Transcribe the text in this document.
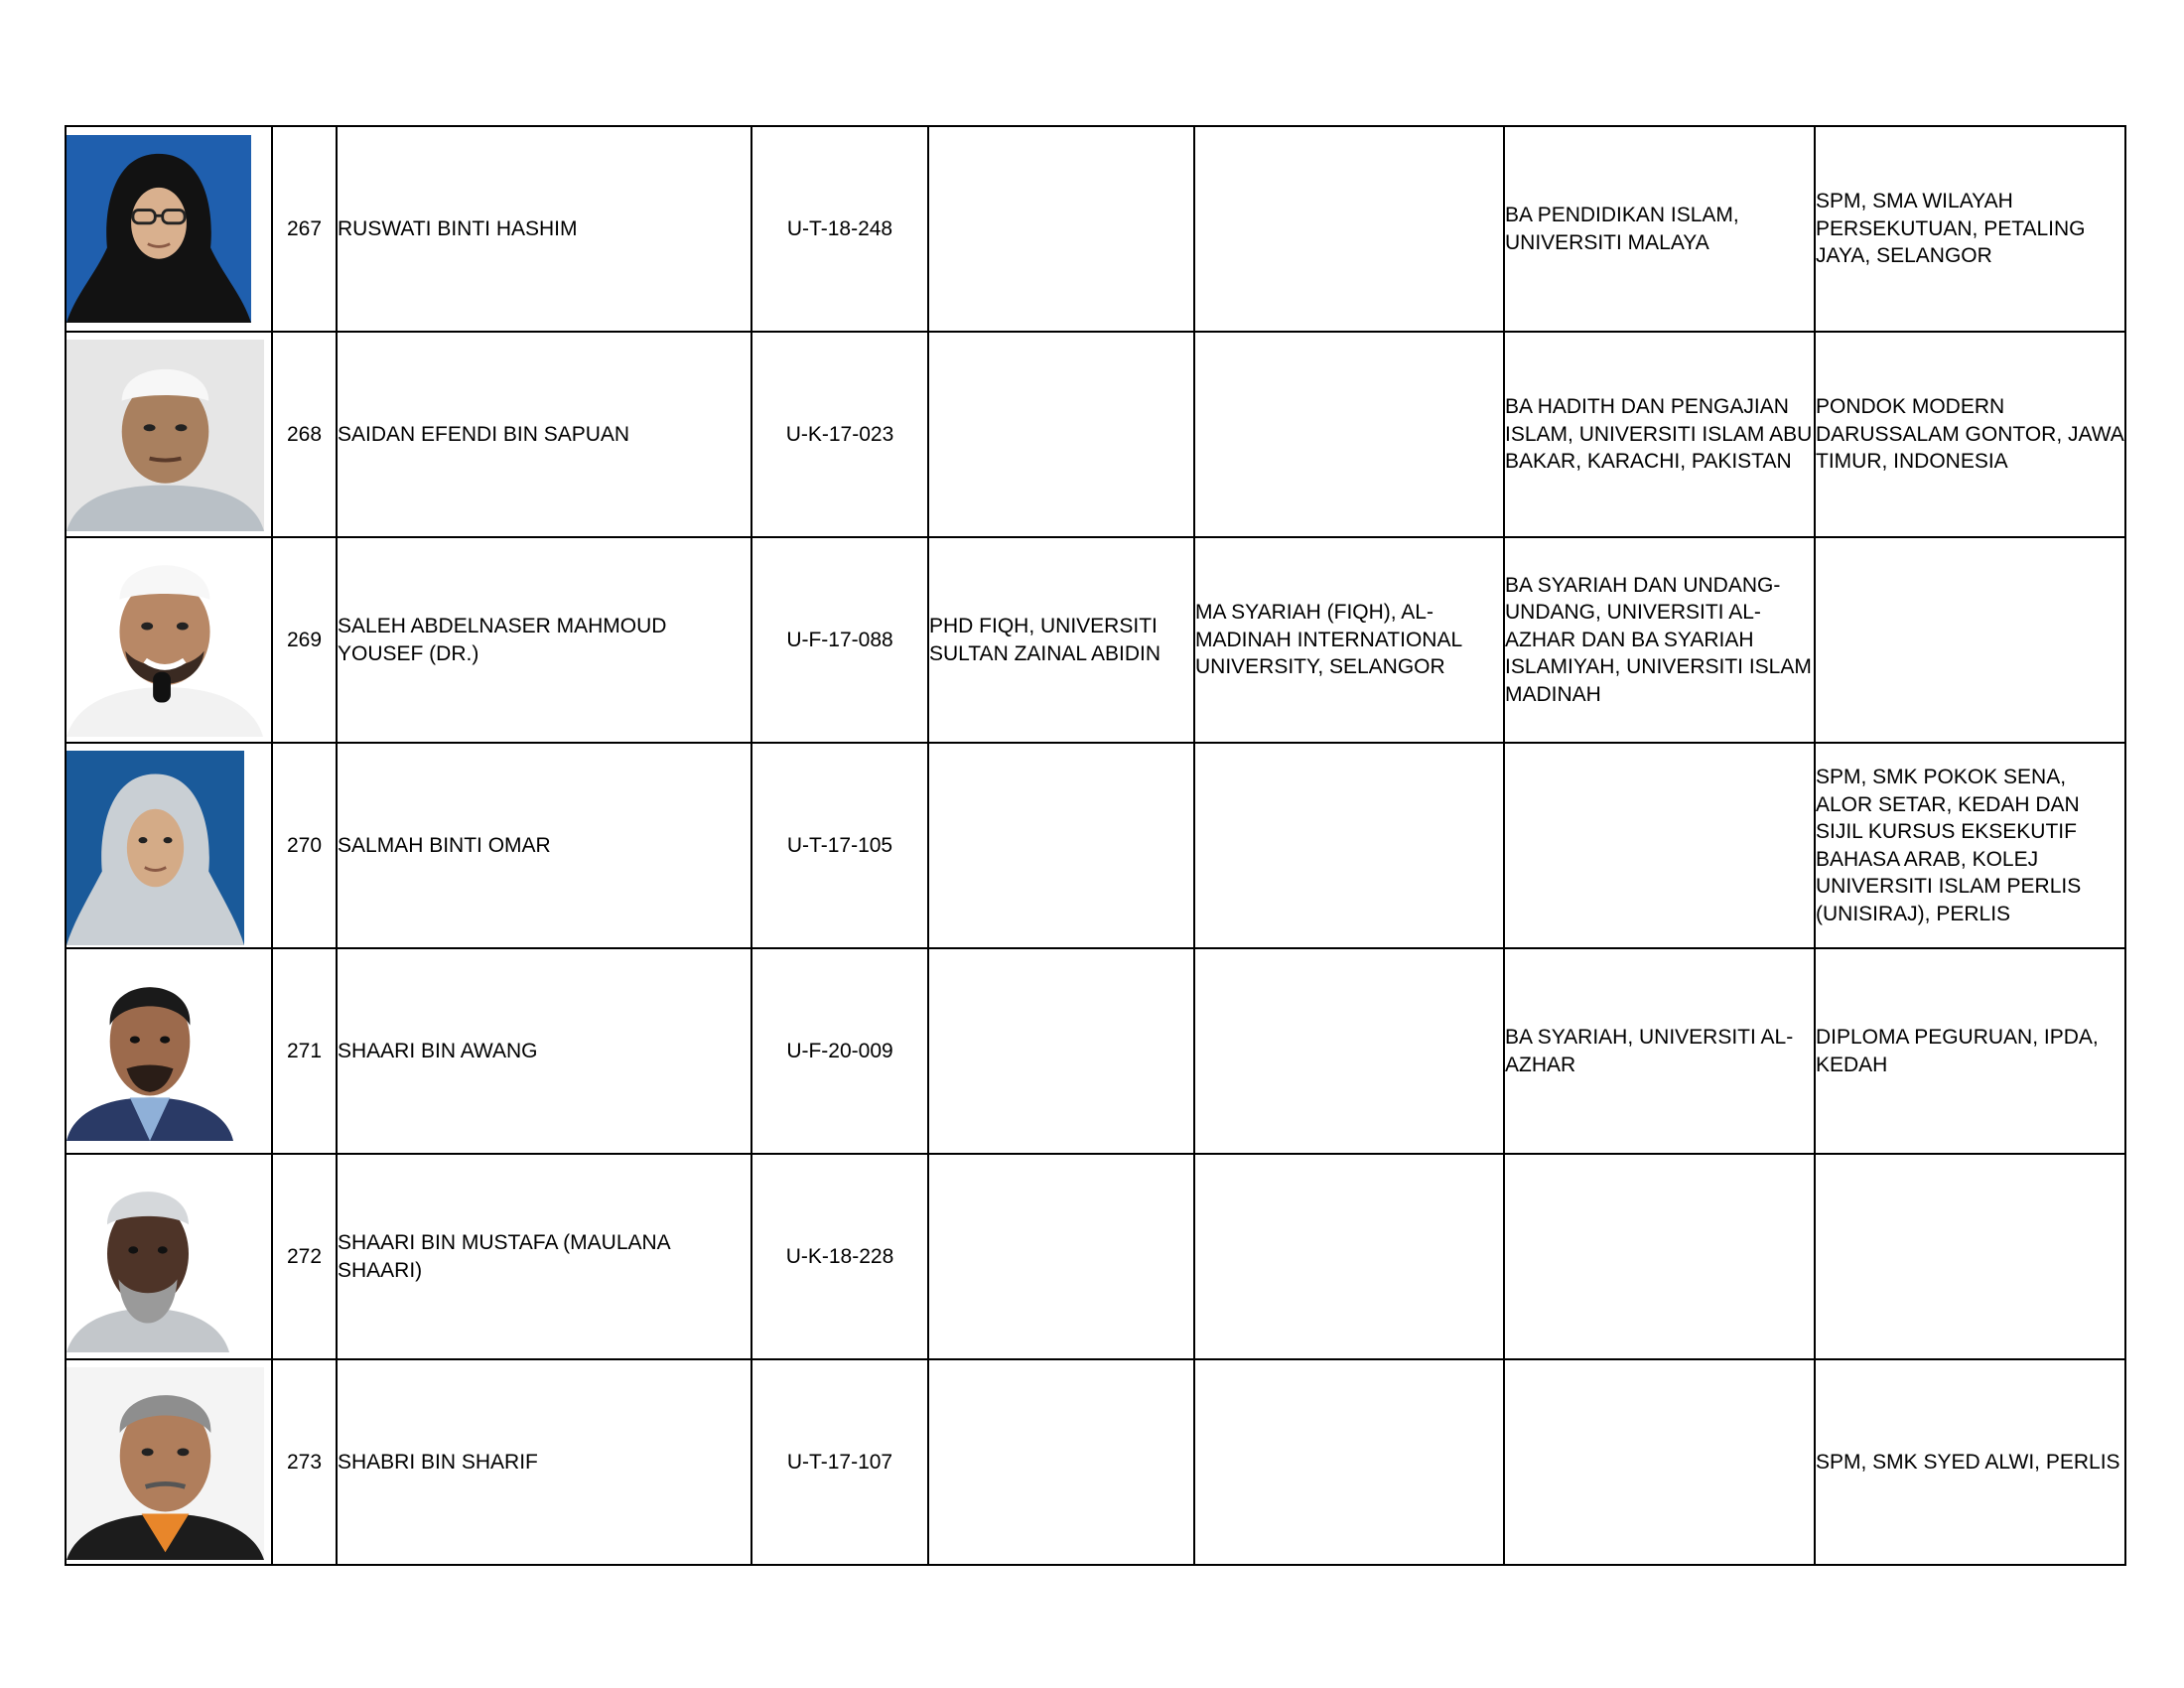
	267	RUSWATI BINTI HASHIM	U-T-18-248			BA PENDIDIKAN ISLAM, UNIVERSITI MALAYA	SPM, SMA WILAYAH PERSEKUTUAN, PETALING JAYA, SELANGOR

	268	SAIDAN EFENDI BIN SAPUAN	U-K-17-023			BA HADITH DAN PENGAJIAN ISLAM, UNIVERSITI ISLAM ABU BAKAR, KARACHI, PAKISTAN	PONDOK MODERN DARUSSALAM GONTOR, JAWA TIMUR, INDONESIA

	269	SALEH ABDELNASER MAHMOUD YOUSEF (DR.)	U-F-17-088	PHD FIQH, UNIVERSITI SULTAN ZAINAL ABIDIN	MA SYARIAH (FIQH), AL-MADINAH INTERNATIONAL UNIVERSITY, SELANGOR	BA SYARIAH DAN UNDANG-UNDANG, UNIVERSITI AL-AZHAR DAN BA SYARIAH ISLAMIYAH, UNIVERSITI ISLAM MADINAH	

	270	SALMAH BINTI OMAR	U-T-17-105				SPM, SMK POKOK SENA, ALOR SETAR, KEDAH DAN SIJIL KURSUS EKSEKUTIF BAHASA ARAB, KOLEJ UNIVERSITI ISLAM PERLIS (UNISIRAJ), PERLIS

	271	SHAARI BIN AWANG	U-F-20-009			BA SYARIAH, UNIVERSITI AL-AZHAR	DIPLOMA PEGURUAN, IPDA, KEDAH

	272	SHAARI BIN MUSTAFA (MAULANA SHAARI)	U-K-18-228				

	273	SHABRI BIN SHARIF	U-T-17-107				SPM, SMK SYED ALWI, PERLIS
